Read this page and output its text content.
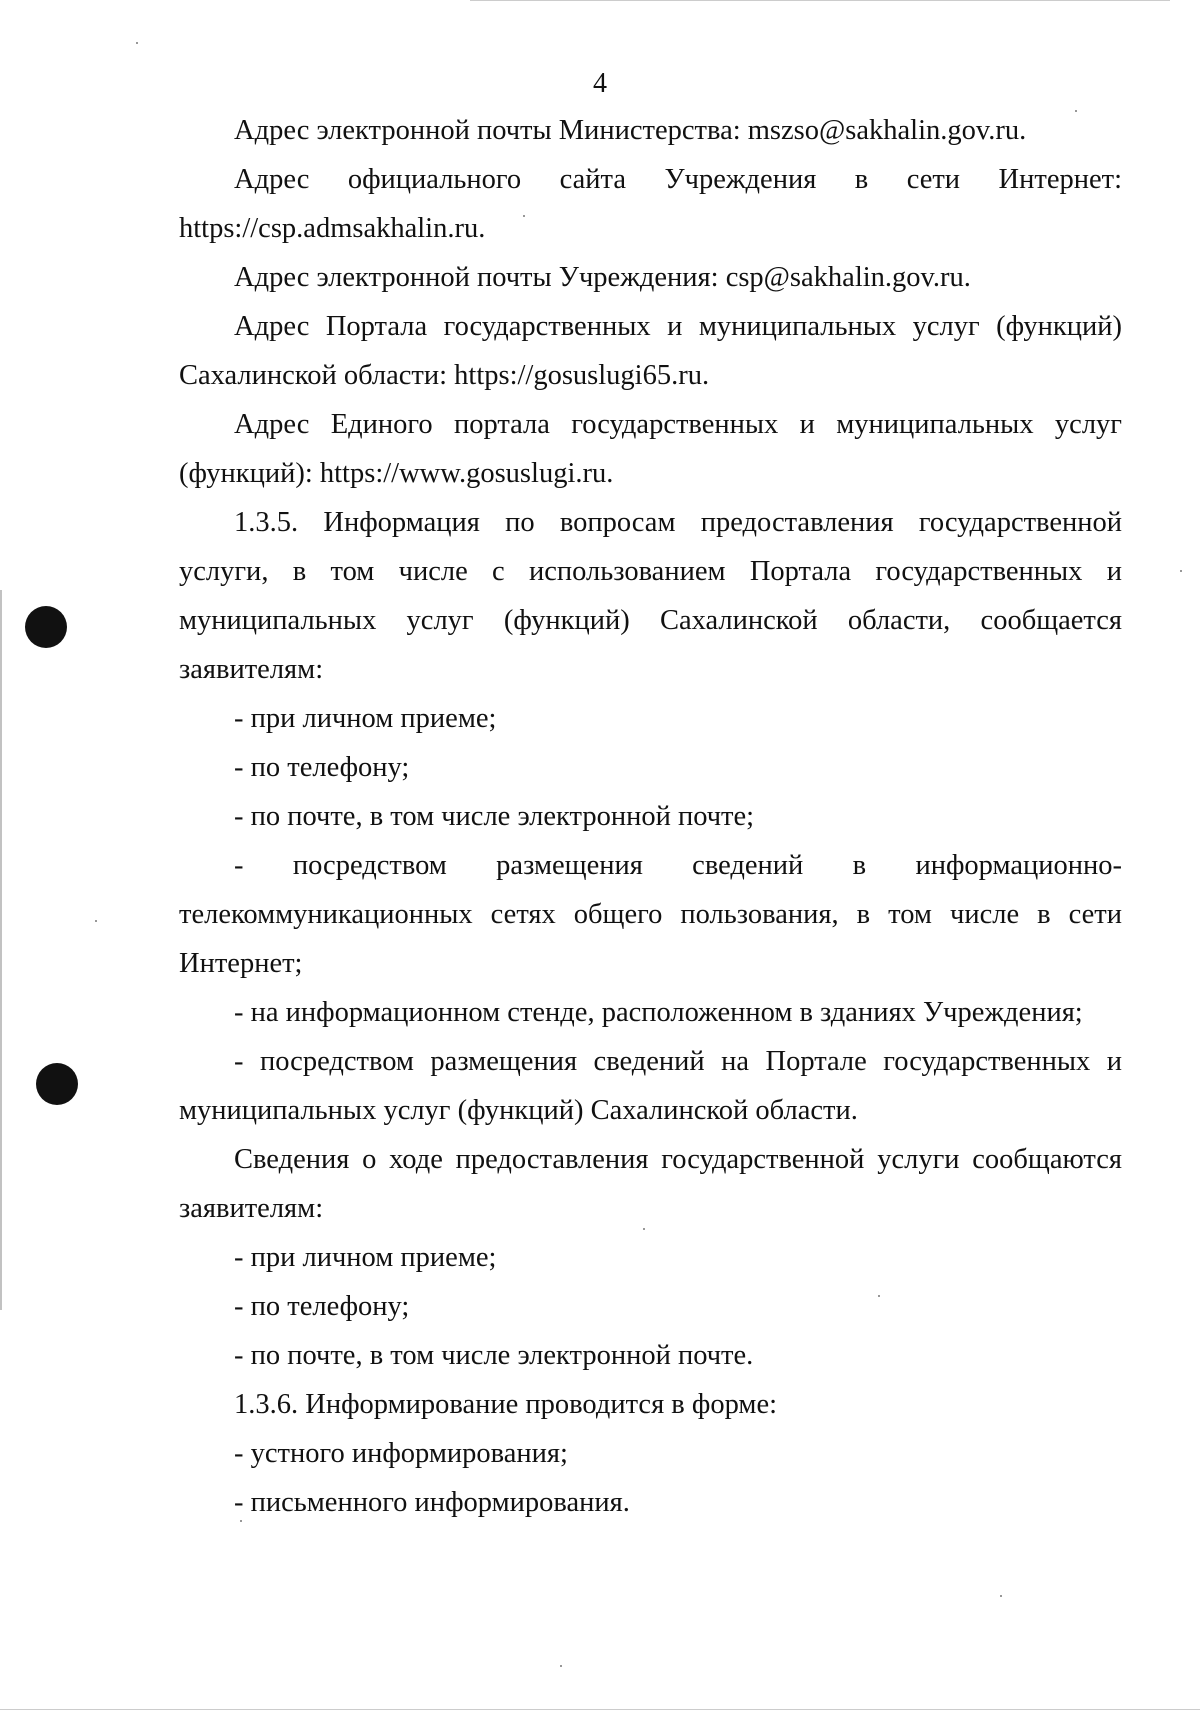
4

Адрес электронной почты Министерства: mszso@sakhalin.gov.ru.

Адрес официального сайта Учреждения в сети Интернет: https://csp.admsakhalin.ru.

Адрес электронной почты Учреждения: csp@sakhalin.gov.ru.

Адрес Портала государственных и муниципальных услуг (функций) Сахалинской области: https://gosuslugi65.ru.

Адрес Единого портала государственных и муниципальных услуг (функций): https://www.gosuslugi.ru.

1.3.5. Информация по вопросам предоставления государственной услуги, в том числе с использованием Портала государственных и муниципальных услуг (функций) Сахалинской области, сообщается заявителям:

- при личном приеме;

- по телефону;

- по почте, в том числе электронной почте;

- посредством размещения сведений в информационно-телекоммуникационных сетях общего пользования, в том числе в сети Интернет;

- на информационном стенде, расположенном в зданиях Учреждения;

- посредством размещения сведений на Портале государственных и муниципальных услуг (функций) Сахалинской области.

Сведения о ходе предоставления государственной услуги сообщаются заявителям:

- при личном приеме;

- по телефону;

- по почте, в том числе электронной почте.

1.3.6. Информирование проводится в форме:

- устного информирования;

- письменного информирования.
